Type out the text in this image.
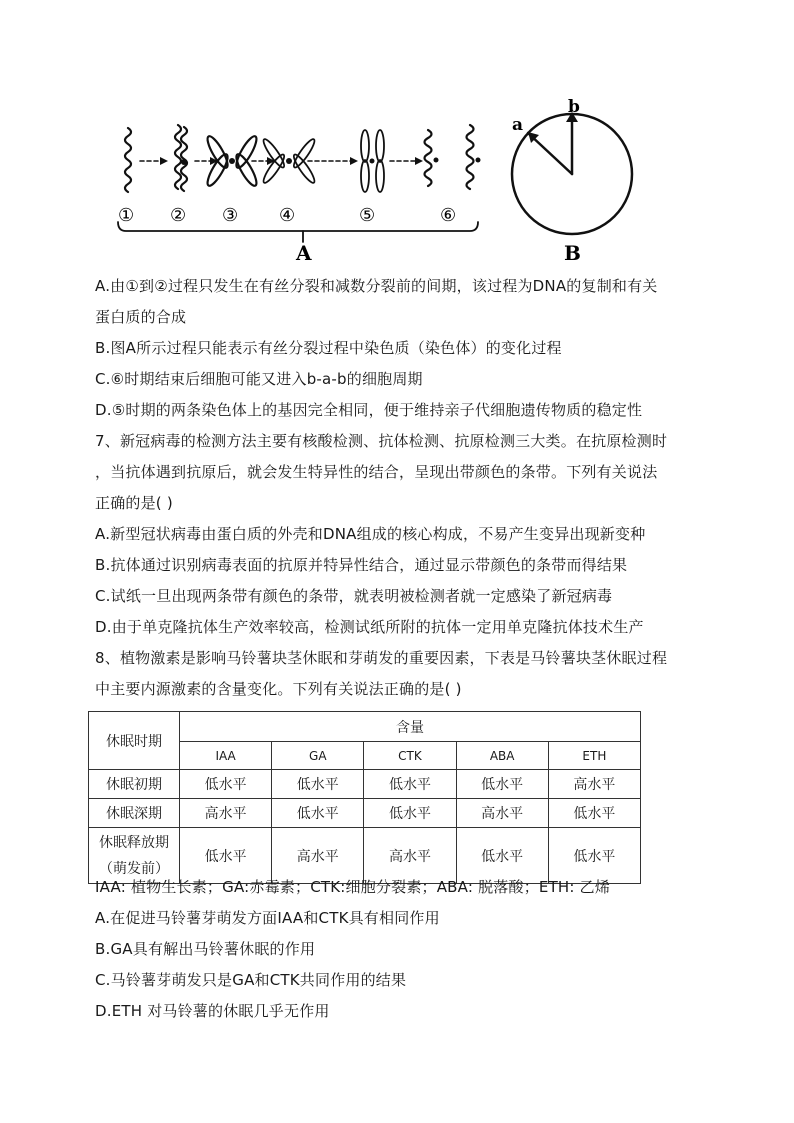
① ② ③ ④	⑤	⑥
A	B
a
b
A.由①到②过程只发生在有丝分裂和减数分裂前的间期，该过程为DNA的复制和有关
蛋白质的合成
B.图A所示过程只能表示有丝分裂过程中染色质（染色体）的变化过程
C.⑥时期结束后细胞可能又进入b-a-b的细胞周期
D.⑤时期的两条染色体上的基因完全相同，便于维持亲子代细胞遗传物质的稳定性
7、新冠病毒的检测方法主要有核酸检测、抗体检测、抗原检测三大类。在抗原检测时
，当抗体遇到抗原后，就会发生特异性的结合，呈现出带颜色的条带。下列有关说法
正确的是( )
A.新型冠状病毒由蛋白质的外壳和DNA组成的核心构成，不易产生变异出现新变种
B.抗体通过识别病毒表面的抗原并特异性结合，通过显示带颜色的条带而得结果
C.试纸一旦出现两条带有颜色的条带，就表明被检测者就一定感染了新冠病毒
D.由于单克隆抗体生产效率较高，检测试纸所附的抗体一定用单克隆抗体技术生产
8、植物激素是影响马铃薯块茎休眠和芽萌发的重要因素，下表是马铃薯块茎休眠过程
中主要内源激素的含量变化。下列有关说法正确的是( )
休眠时期	含量				
	IAA	GA	CTK	ABA	ETH
休眠初期	低水平	低水平	低水平	低水平	高水平
休眠深期	高水平	低水平	低水平	高水平	低水平

休眠释放期
（萌发前）	低水平	高水平	高水平	低水平	低水平
IAA: 植物生长素；GA:赤霉素；CTK:细胞分裂素；ABA: 脱落酸；ETH: 乙烯
A.在促进马铃薯芽萌发方面IAA和CTK具有相同作用
B.GA具有解出马铃薯休眠的作用
C.马铃薯芽萌发只是GA和CTK共同作用的结果
D.ETH 对马铃薯的休眠几乎无作用
